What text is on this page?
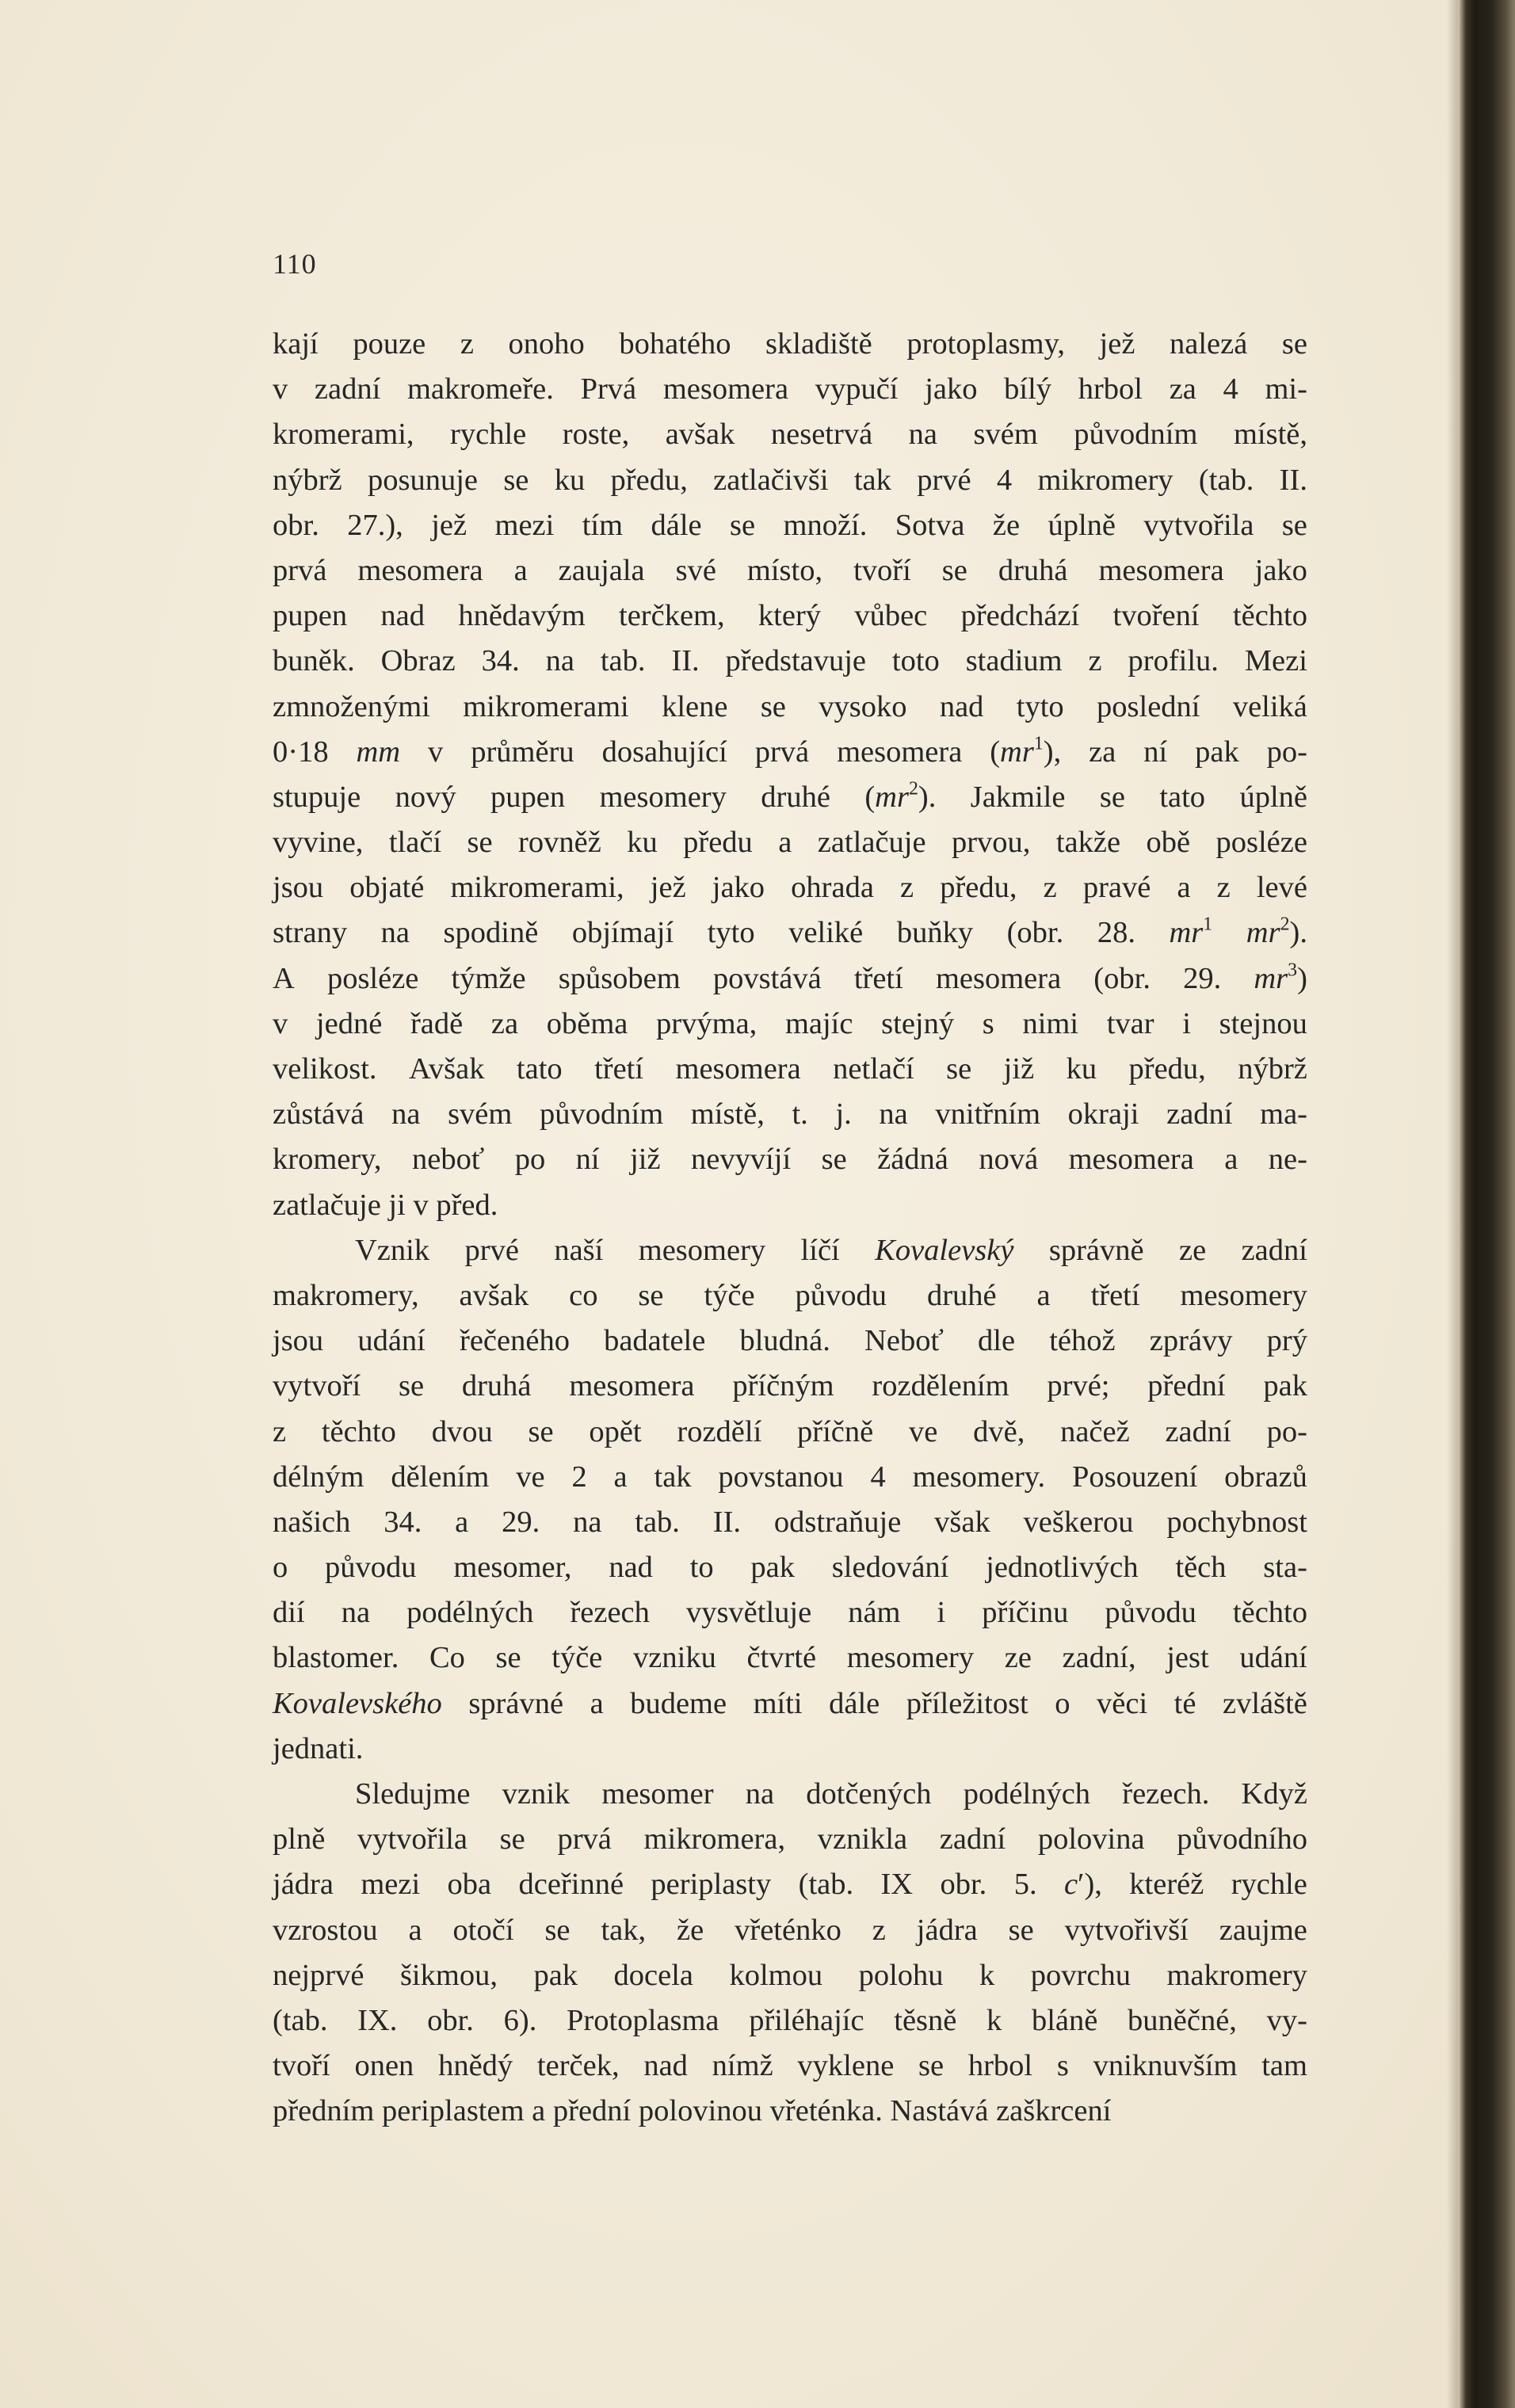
110
kají pouze z onoho bohatého skladiště protoplasmy, jež nalezá se
v zadní makromeře. Prvá mesomera vypučí jako bílý hrbol za 4 mi-
kromerami, rychle roste, avšak nesetrvá na svém původním místě,
nýbrž posunuje se ku předu, zatlačivši tak prvé 4 mikromery (tab. II.
obr. 27.), jež mezi tím dále se množí. Sotva že úplně vytvořila se
prvá mesomera a zaujala své místo, tvoří se druhá mesomera jako
pupen nad hnědavým terčkem, který vůbec předchází tvoření těchto
buněk. Obraz 34. na tab. II. představuje toto stadium z profilu. Mezi
zmnoženými mikromerami klene se vysoko nad tyto poslední veliká
0·18 mm v průměru dosahující prvá mesomera $(mr^1)$, za ní pak po-
stupuje nový pupen mesomery druhé $(mr^2)$. Jakmile se tato úplně
vyvine, tlačí se rovněž ku předu a zatlačuje prvou, takže obě posléze
jsou objaté mikromerami, jež jako ohrada z předu, z pravé a z levé
strany na spodině objímají tyto veliké buňky (obr. 28. $mr^1$ $mr^2$).
A posléze týmže spůsobem povstává třetí mesomera (obr. 29. $mr^3$)
v jedné řadě za oběma prvýma, majíc stejný s nimi tvar i stejnou
velikost. Avšak tato třetí mesomera netlačí se již ku předu, nýbrž
zůstává na svém původním místě, t. j. na vnitřním okraji zadní ma-
kromery, neboť po ní již nevyvíjí se žádná nová mesomera a ne-
zatlačuje
ji
v
před.
Vznik prvé naší mesomery líčí Kovalevský správně ze zadní
makromery, avšak co se týče původu druhé a třetí mesomery
jsou udání řečeného badatele bludná. Neboť dle téhož zprávy prý
vytvoří se druhá mesomera příčným rozdělením prvé; přední pak
z těchto dvou se opět rozdělí příčně ve dvě, načež zadní po-
délným dělením ve 2 a tak povstanou 4 mesomery. Posouzení obrazů
našich 34. a 29. na tab. II. odstraňuje však veškerou pochybnost
o původu mesomer, nad to pak sledování jednotlivých těch sta-
dií na podélných řezech vysvětluje nám i příčinu původu těchto
blastomer. Co se týče vzniku čtvrté mesomery ze zadní, jest udání
Kovalevského správné a budeme míti dále příležitost o věci té zvláště
jednati.
Sledujme vznik mesomer na dotčených podélných řezech. Když
plně vytvořila se prvá mikromera, vznikla zadní polovina původního
jádra mezi oba dceřinné periplasty (tab. IX obr. 5. c′), kteréž rychle
vzrostou a otočí se tak, že vřeténko z jádra se vytvořivší zaujme
nejprvé šikmou, pak docela kolmou polohu k povrchu makromery
(tab. IX. obr. 6). Protoplasma přiléhajíc těsně k bláně buněčné, vy-
tvoří onen hnědý terček, nad nímž vyklene se hrbol s vniknuvším tam
předním
periplastem
a
přední
polovinou
vřeténka.
Nastává
zaškrcení
